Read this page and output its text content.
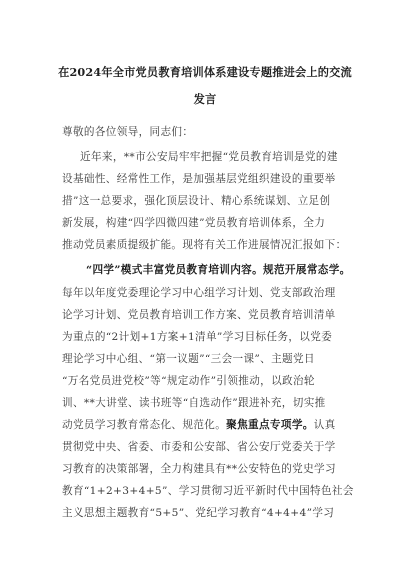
在2024年全市党员教育培训体系建设专题推进会上的交流
发言
尊敬的各位领导，同志们：
近年来，**市公安局牢牢把握“党员教育培训是党的建
设基础性、经常性工作，是加强基层党组织建设的重要举
措”这一总要求，强化顶层设计、精心系统谋划、立足创
新发展，构建“四学四微四建”党员教育培训体系，全力
推动党员素质提级扩能。现将有关工作进展情况汇报如下：
“四学”模式丰富党员教育培训内容。规范开展常态学。
每年以年度党委理论学习中心组学习计划、党支部政治理
论学习计划、党员教育培训工作方案、党员教育培训清单
为重点的“2计划+1方案+1清单”学习目标任务，以党委
理论学习中心组、“第一议题”“三会一课”、主题党日
“万名党员进党校”等“规定动作”引领推动，以政治轮
训、**大讲堂、读书班等“自选动作”跟进补充，切实推
动党员学习教育常态化、规范化。聚焦重点专项学。认真
贯彻党中央、省委、市委和公安部、省公安厅党委关于学
习教育的决策部署，全力构建具有**公安特色的党史学习
教育“1+2+3+4+5”、学习贯彻习近平新时代中国特色社会
主义思想主题教育“5+5”、党纪学习教育“4+4+4”学习
